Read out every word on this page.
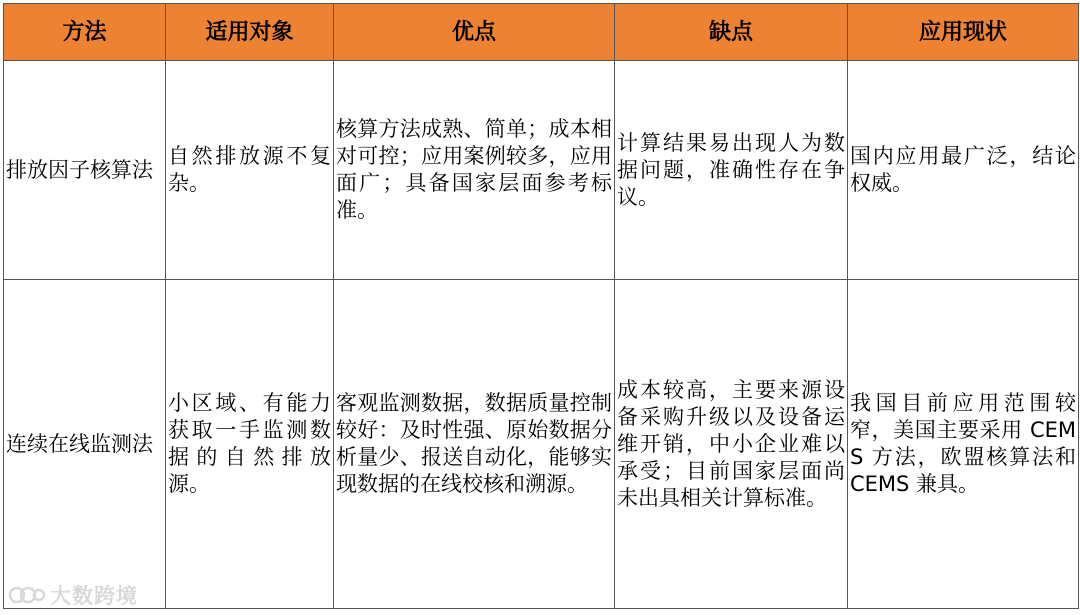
方法	适用对象	优点	缺点	应用现状
排放因子核算法	自然排放源不复杂。	核算方法成熟、简单；成本相对可控；应用案例较多，应用面广；具备国家层面参考标准。	计算结果易出现人为数据问题，准确性存在争议。	国内应用最广泛，结论权威。
连续在线监测法	小区域、有能力获取一手监测数据的自然排放源。	客观监测数据，数据质量控制较好：及时性强、原始数据分析量少、报送自动化，能够实现数据的在线校核和溯源。	成本较高，主要来源设备采购升级以及设备运维开销，中小企业难以承受；目前国家层面尚未出具相关计算标准。	我国目前应用范围较窄，美国主要采用 CEMS 方法，欧盟核算法和 CEMS 兼具。
大数跨境
